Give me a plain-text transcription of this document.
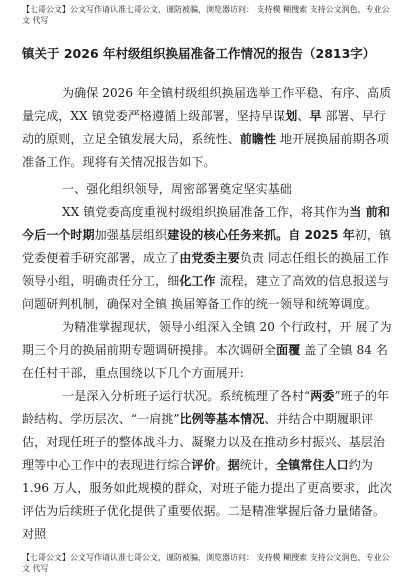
【七哥公文】公文写作请认准七哥公文，谨防被骗，浏览器访问： 支持模 糊搜索 支持公文润色，专业公文 代写
镇关于 2026 年村级组织换届准备工作情况的报告（2813字）

为确保 2026 年全镇村级组织换届选举工作平稳、有序、高质量完成，XX 镇党委严格遵循上级部署，坚持早谋划、早 部署、早行动的原则，立足全镇发展大局，系统性、前瞻性 地开展换届前期各项准备工作。现将有关情况报告如下。

一、强化组织领导，周密部署奠定坚实基础

XX 镇党委高度重视村级组织换届准备工作，将其作为当 前和今后一个时期加强基层组织建设的核心任务来抓。自 2025 年初，镇党委便着手研究部署，成立了由党委主要负责 同志任组长的换届工作领导小组，明确责任分工，细化工作 流程，建立了高效的信息报送与问题研判机制，确保对全镇 换届筹备工作的统一领导和统筹调度。

为精准掌握现状，领导小组深入全镇 20 个行政村，开 展了为期三个月的换届前期专题调研摸排。本次调研全面覆 盖了全镇 84 名在任村干部，重点围绕以下几个方面展开:

一是深入分析班子运行状况。系统梳理了各村“两委”班子的年龄结构、学历层次、“一肩挑”比例等基本情况、并结合中期履职评估，对现任班子的整体战斗力、凝聚力以及在推动乡村振兴、基层治理等中心工作中的表现进行综合评价。据统计，全镇常住人口约为 1.96 万人，服务如此规模的群众，对班子能力提出了更高要求，此次评估为后续班子优化提供了重要依据。二是精准掌握后备力量储备。对照

【七哥公文】公文写作请认准七哥公文，谨防被骗，浏览器访问： 支持模 糊搜索 支持公文润色，专业公文 代写
